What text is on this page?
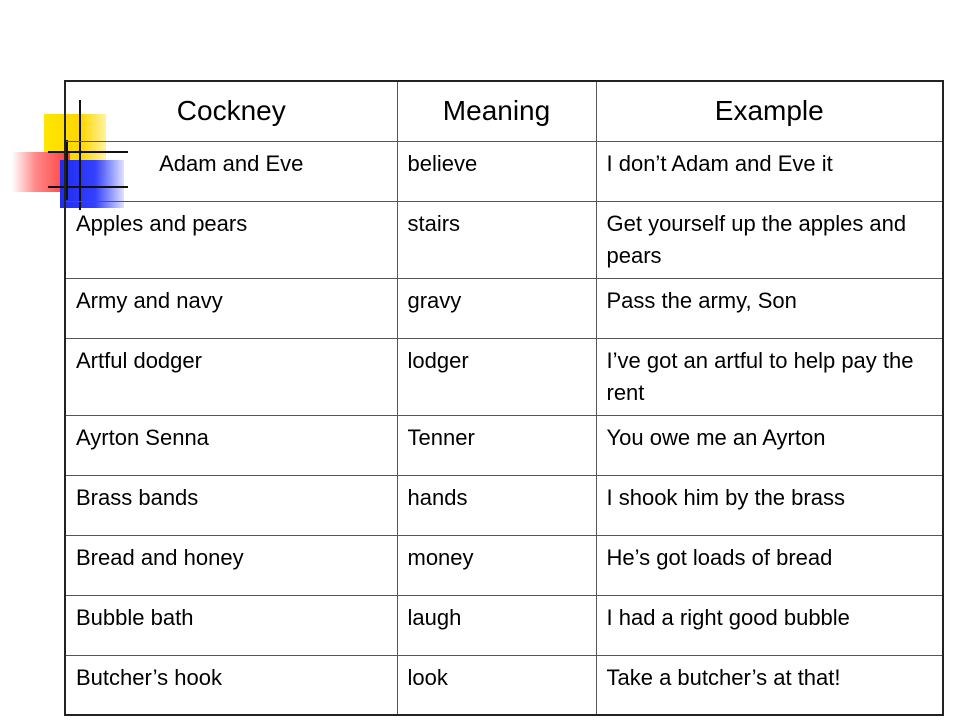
Cockney	Meaning	Example
Adam and Eve	believe	I don’t Adam and Eve it
Apples and pears	stairs	Get yourself up the apples and pears
Army and navy	gravy	Pass the army, Son
Artful dodger	lodger	I’ve got an artful to help pay the rent
Ayrton Senna	Tenner	You owe me an Ayrton
Brass bands	hands	I shook him by the brass
Bread and honey	money	He’s got loads of bread
Bubble bath	laugh	I had a right good bubble
Butcher’s hook	look	Take a butcher’s at that!
